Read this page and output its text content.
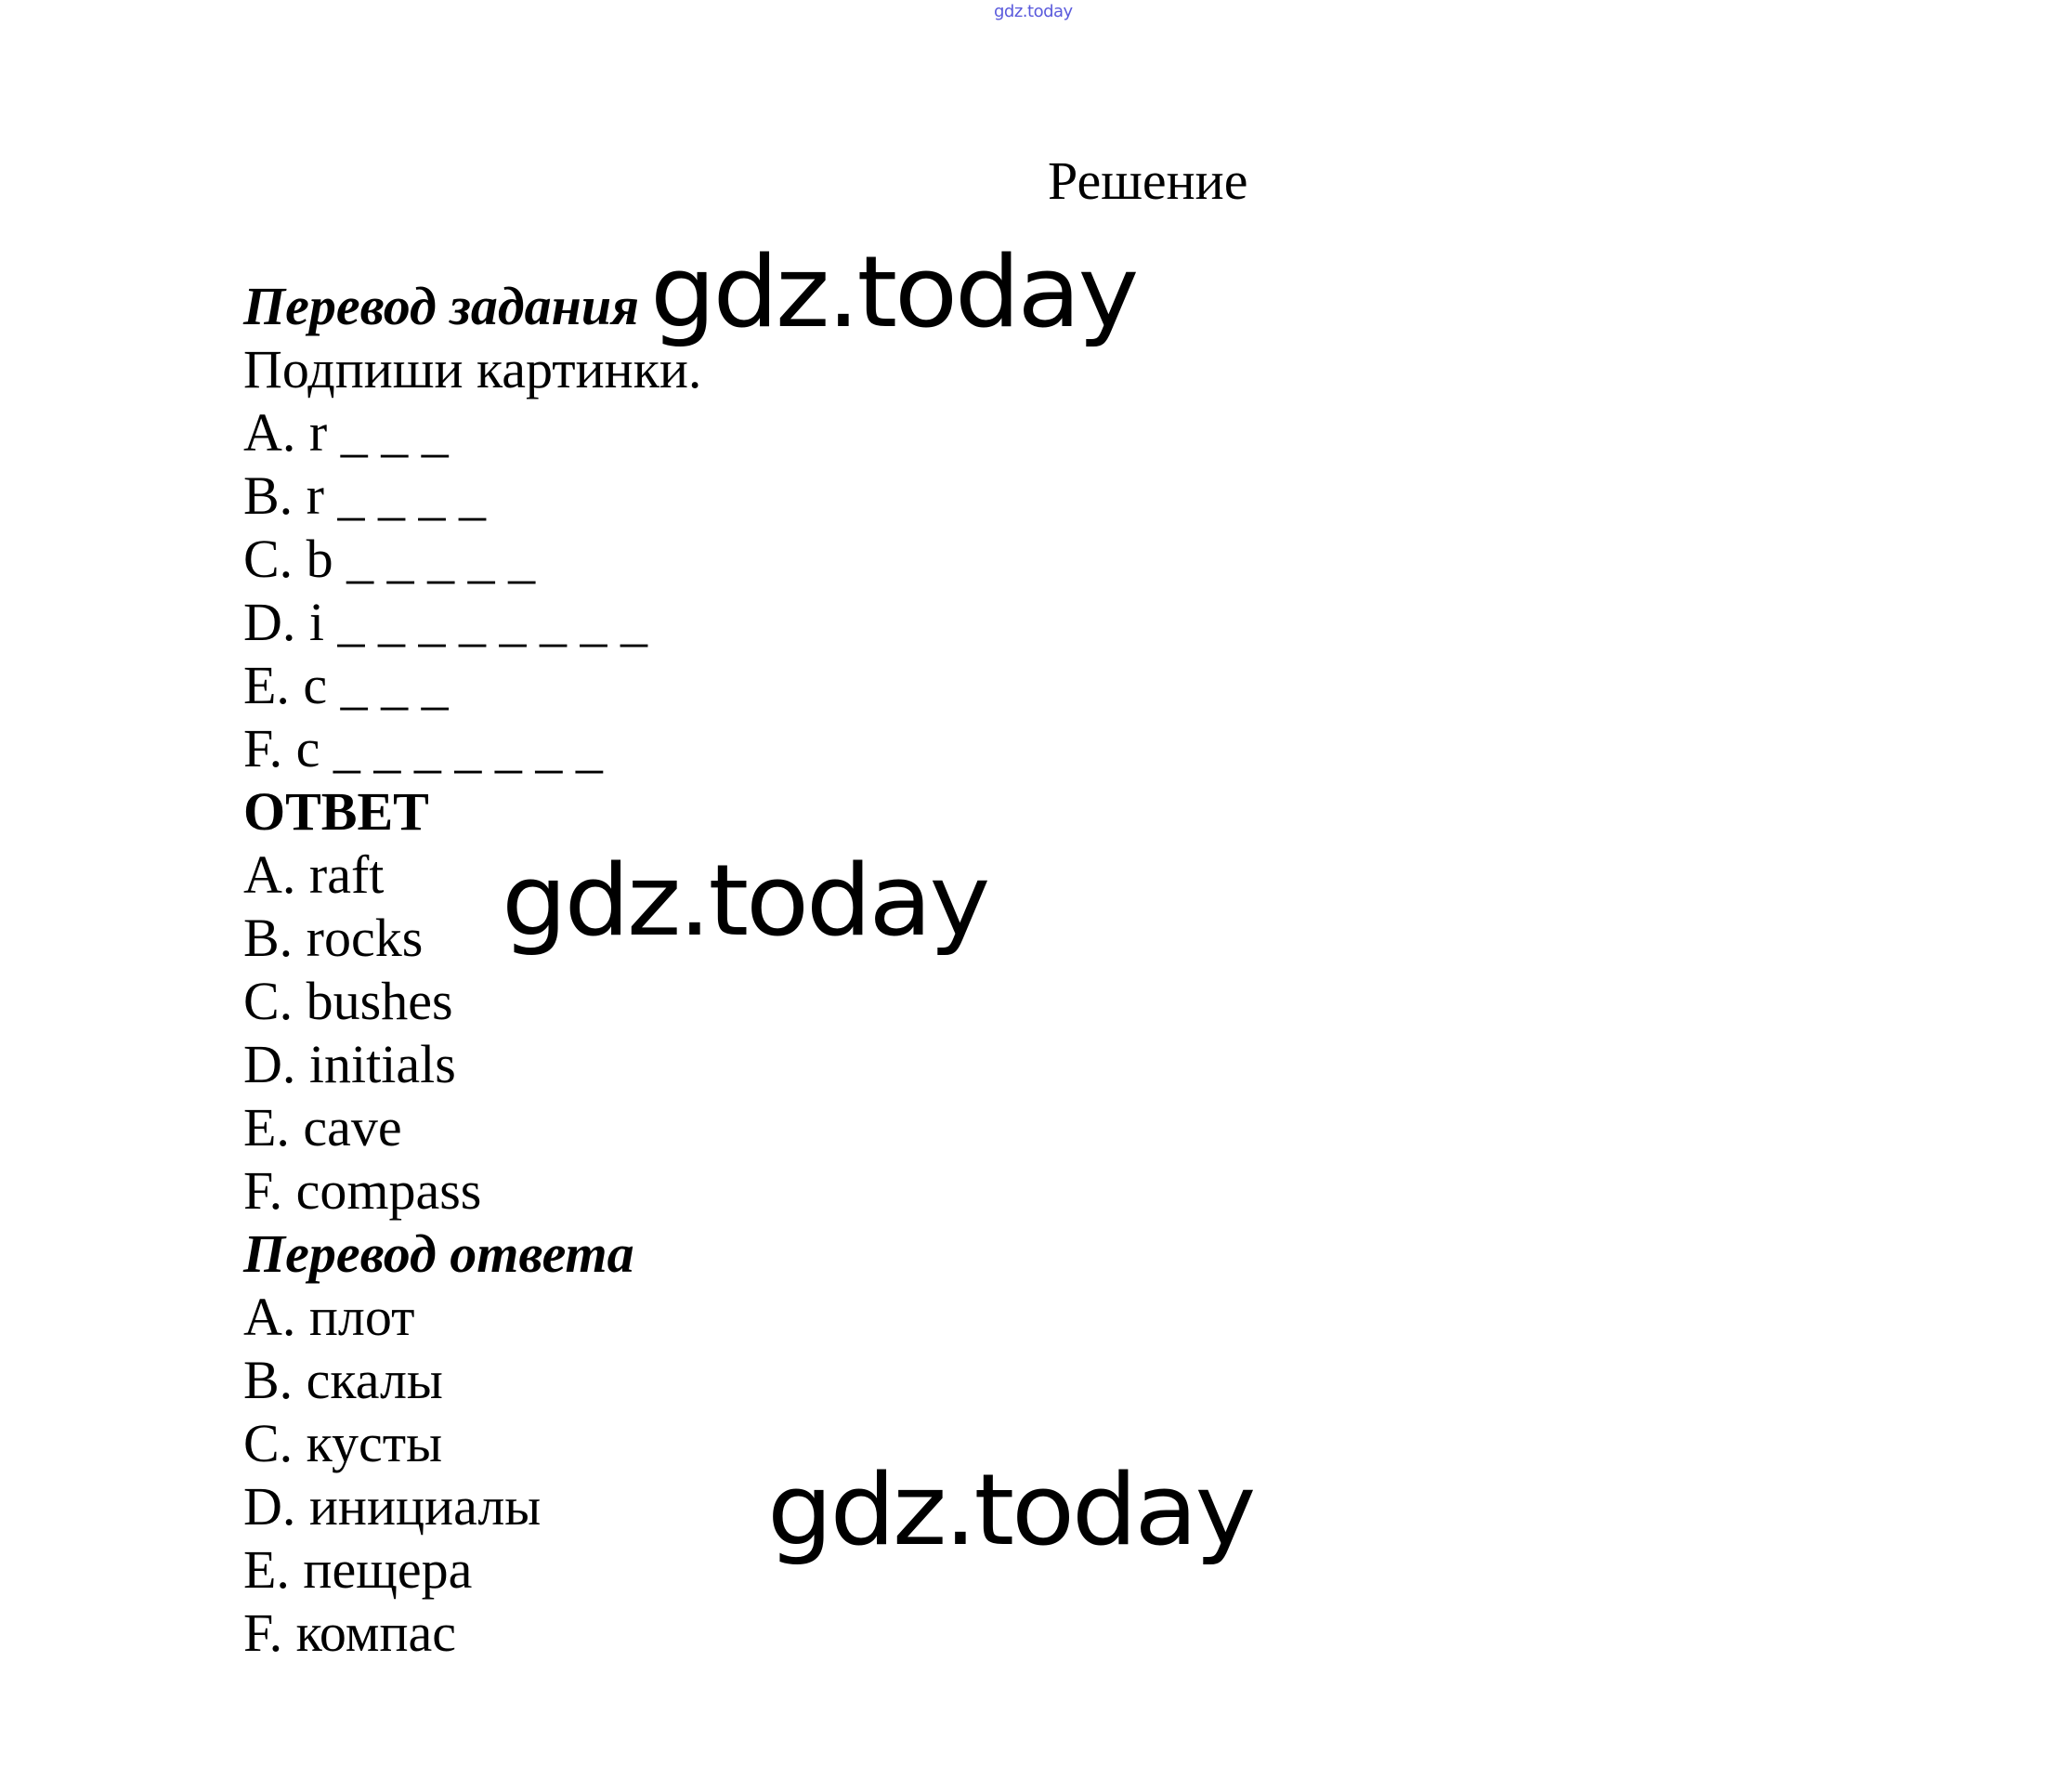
gdz.today
Решение
Перевод задания
Подпиши картинки.
A. r _ _ _
B. r _ _ _ _
C. b _ _ _ _ _
D. i _ _ _ _ _ _ _ _
E. c _ _ _
F. c _ _ _ _ _ _ _
ОТВЕТ
A. raft
B. rocks
C. bushes
D. initials
E. cave
F. compass
Перевод ответа
A. плот
B. скалы
C. кусты
D. инициалы
E. пещера
F. компас
gdz.today
gdz.today
gdz.today
